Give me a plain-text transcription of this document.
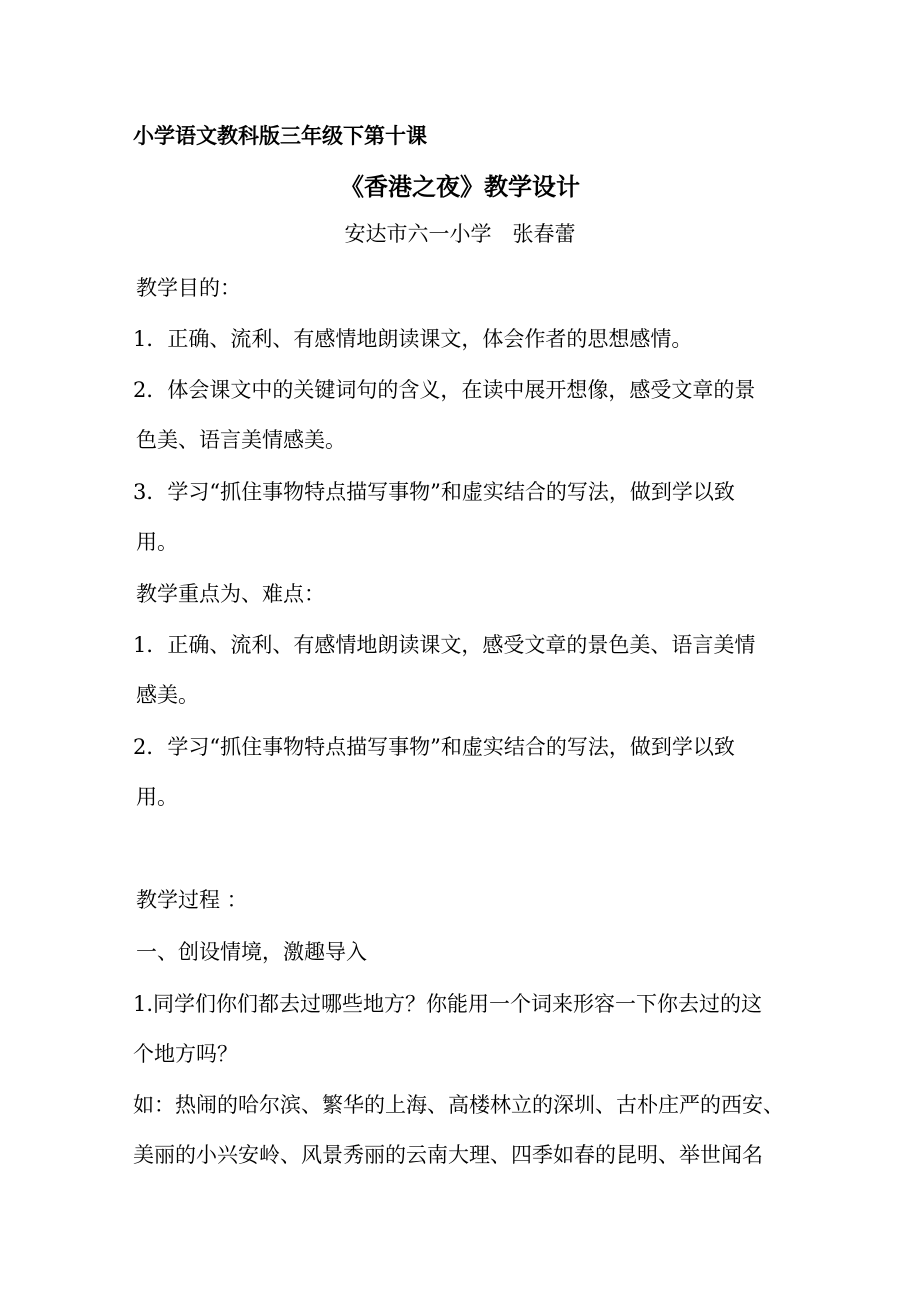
小学语文教科版三年级下第十课
《香港之夜》教学设计
安达市六一小学　张春蕾
教学目的：
1．正确、流利、有感情地朗读课文，体会作者的思想感情。
2．体会课文中的关键词句的含义，在读中展开想像，感受文章的景
色美、语言美情感美。
3．学习“抓住事物特点描写事物”和虚实结合的写法，做到学以致
用。
教学重点为、难点：
1．正确、流利、有感情地朗读课文，感受文章的景色美、语言美情
感美。
2．学习“抓住事物特点描写事物”和虚实结合的写法，做到学以致
用。
教学过程 ：
一、创设情境，激趣导入
1.同学们你们都去过哪些地方？你能用一个词来形容一下你去过的这
个地方吗？
如：热闹的哈尔滨、繁华的上海、高楼林立的深圳、古朴庄严的西安、
美丽的小兴安岭、风景秀丽的云南大理、四季如春的昆明、举世闻名
